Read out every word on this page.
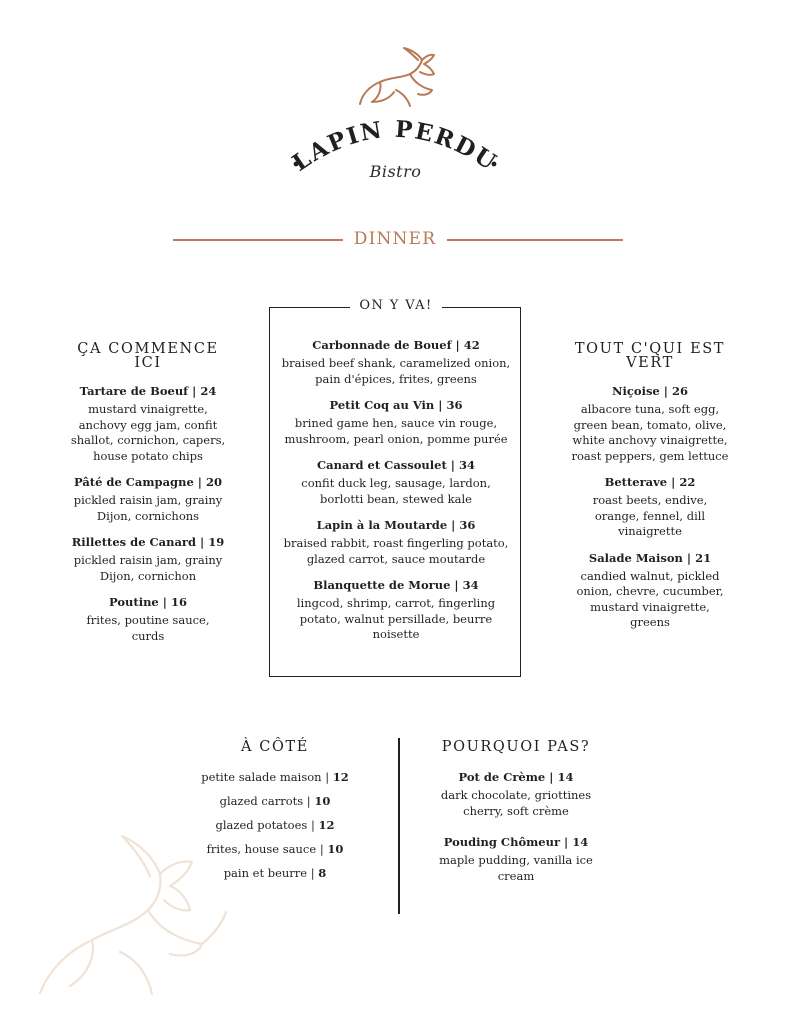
LAPIN PERDU
Bistro
DINNER
ON Y VA!
ÇA COMMENCE ICI

Tartare de Boeuf | 24

mustard vinaigrette, anchovy egg jam, confit shallot, cornichon, capers, house potato chips

Pâté de Campagne | 20

pickled raisin jam, grainy Dijon, cornichons

Rillettes de Canard | 19

pickled raisin jam, grainy Dijon, cornichon

Poutine | 16

frites, poutine sauce, curds

Carbonnade de Bouef | 42

braised beef shank, caramelized onion, pain d'épices, frites, greens

Petit Coq au Vin | 36

brined game hen, sauce vin rouge, mushroom, pearl onion, pomme purée

Canard et Cassoulet | 34

confit duck leg, sausage, lardon, borlotti bean, stewed kale

Lapin à la Moutarde | 36

braised rabbit, roast fingerling potato, glazed carrot, sauce moutarde

Blanquette de Morue | 34

lingcod, shrimp, carrot, fingerling potato, walnut persillade, beurre noisette

TOUT C'QUI EST VERT

Niçoise | 26

albacore tuna, soft egg, green bean, tomato, olive, white anchovy vinaigrette, roast peppers, gem lettuce

Betterave | 22

roast beets, endive, orange, fennel, dill vinaigrette

Salade Maison | 21

candied walnut, pickled onion, chevre, cucumber, mustard vinaigrette, greens

À CÔTÉ
petite salade maison | 12
glazed carrots | 10
glazed potatoes | 12
frites, house sauce | 10
pain et beurre | 8
POURQUOI PAS?

Pot de Crème | 14

dark chocolate, griottines cherry, soft crème

Pouding Chômeur | 14

maple pudding, vanilla ice cream
